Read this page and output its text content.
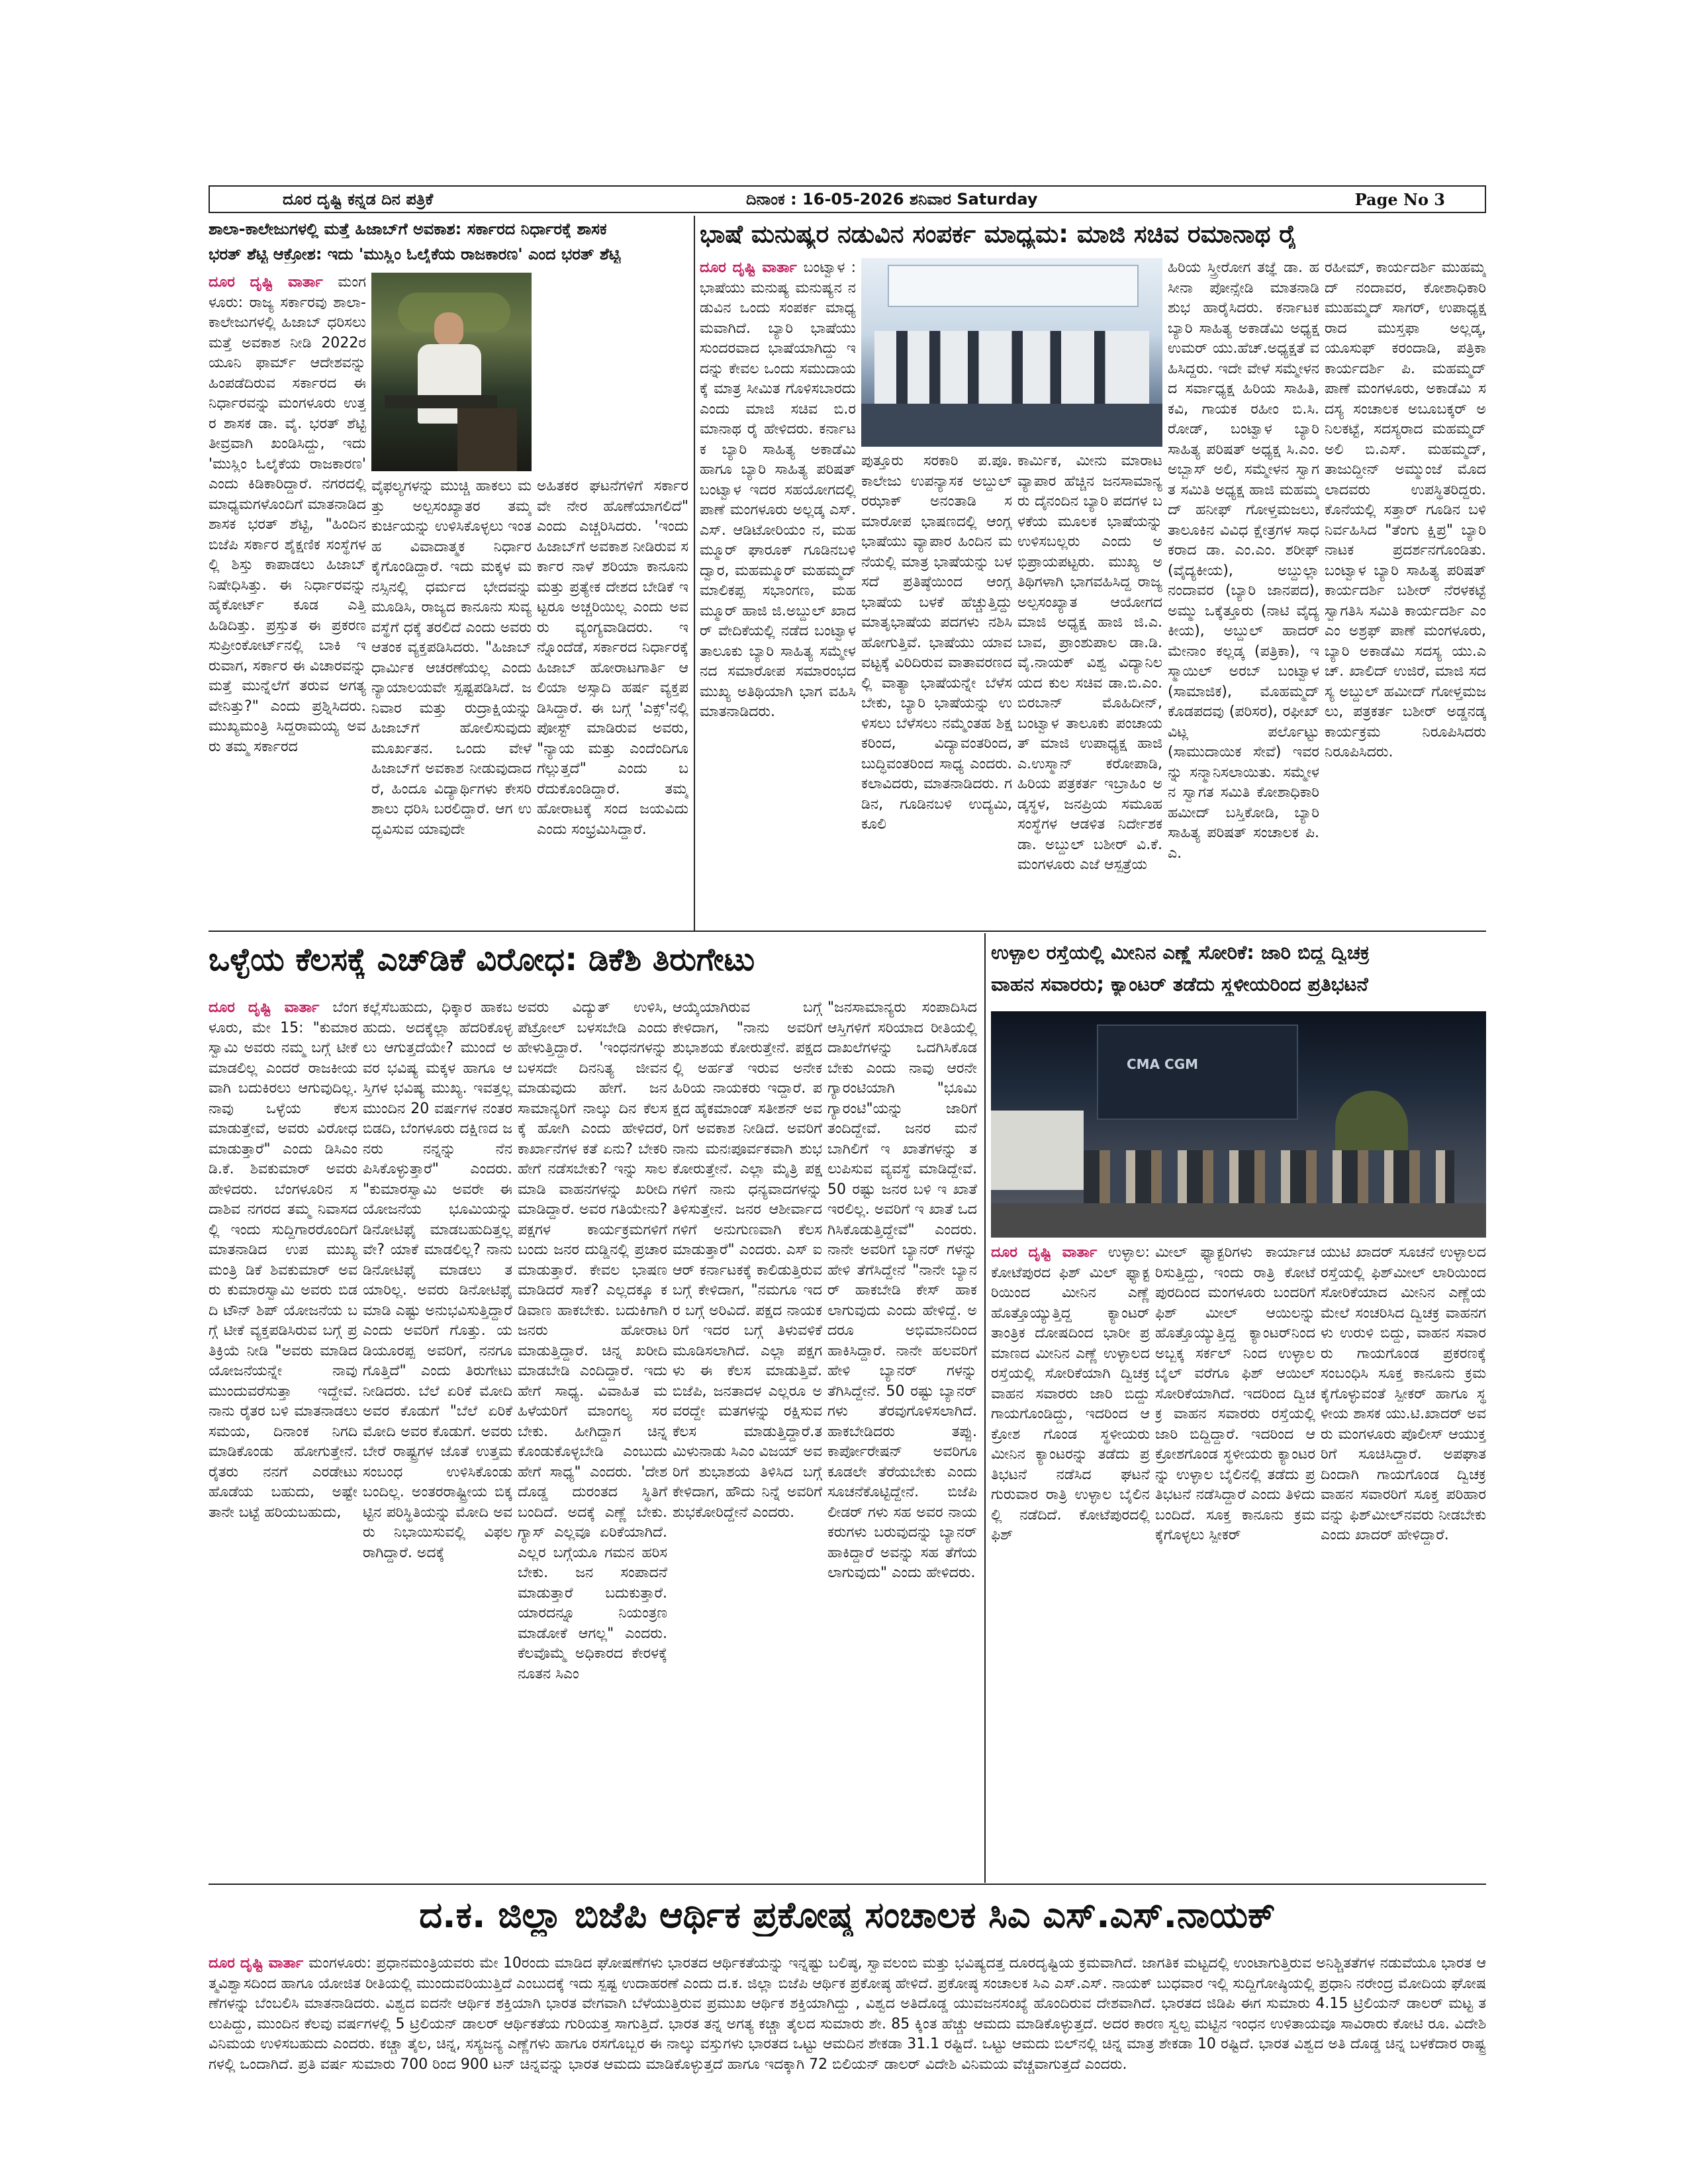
ದೂರ ದೃಷ್ಟಿ ಕನ್ನಡ ದಿನ ಪತ್ರಿಕೆ	ದಿನಾಂಕ : 16-05-2026 ಶನಿವಾರ Saturday	Page No 3
ಶಾಲಾ-ಕಾಲೇಜುಗಳಲ್ಲಿ ಮತ್ತೆ ಹಿಜಾಬ್‌ಗೆ ಅವಕಾಶ: ಸರ್ಕಾರದ ನಿರ್ಧಾರಕ್ಕೆ ಶಾಸಕ
ಭರತ್ ಶೆಟ್ಟಿ ಆಕ್ರೋಶ: ಇದು 'ಮುಸ್ಲಿಂ ಓಲೈಕೆಯ ರಾಜಕಾರಣ' ಎಂದ ಭರತ್ ಶೆಟ್ಟಿ
ದೂರ ದೃಷ್ಟಿ ವಾರ್ತಾ ಮಂಗಳೂರು: ರಾಜ್ಯ ಸರ್ಕಾರವು ಶಾಲಾ-ಕಾಲೇಜುಗಳಲ್ಲಿ ಹಿಜಾಬ್ ಧರಿಸಲು ಮತ್ತೆ ಅವಕಾಶ ನೀಡಿ 2022ರ ಯೂನಿ ಫಾರ್ಮ್ ಆದೇಶವನ್ನು ಹಿಂಪಡೆದಿರುವ ಸರ್ಕಾರದ ಈ ನಿರ್ಧಾರವನ್ನು ಮಂಗಳೂರು ಉತ್ತರ ಶಾಸಕ ಡಾ. ವೈ. ಭರತ್ ಶೆಟ್ಟಿ ತೀವ್ರವಾಗಿ ಖಂಡಿಸಿದ್ದು, ಇದು 'ಮುಸ್ಲಿಂ ಓಲೈಕೆಯ ರಾಜಕಾರಣ' ಎಂದು ಕಿಡಿಕಾರಿದ್ದಾರೆ. ನಗರದಲ್ಲಿ ಮಾಧ್ಯಮಗಳೊಂದಿಗೆ ಮಾತನಾಡಿದ ಶಾಸಕ ಭರತ್ ಶೆಟ್ಟಿ, "ಹಿಂದಿನ ಬಿಜೆಪಿ ಸರ್ಕಾರ ಶೈಕ್ಷಣಿಕ ಸಂಸ್ಥೆಗಳಲ್ಲಿ ಶಿಸ್ತು ಕಾಪಾಡಲು ಹಿಜಾಬ್ ನಿಷೇಧಿಸಿತ್ತು. ಈ ನಿರ್ಧಾರವನ್ನು ಹೈಕೋರ್ಟ್ ಕೂಡ ಎತ್ತಿ ಹಿಡಿದಿತ್ತು. ಪ್ರಸ್ತುತ ಈ ಪ್ರಕರಣ ಸುಪ್ರೀಂಕೋರ್ಟ್‌ನಲ್ಲಿ ಬಾಕಿ ಇರುವಾಗ, ಸರ್ಕಾರ ಈ ವಿಚಾರವನ್ನು ಮತ್ತೆ ಮುನ್ನೆಲೆಗೆ ತರುವ ಅಗತ್ಯವೇನಿತ್ತು?" ಎಂದು ಪ್ರಶ್ನಿಸಿದರು. ಮುಖ್ಯಮಂತ್ರಿ ಸಿದ್ದರಾಮಯ್ಯ ಅವರು ತಮ್ಮ ಸರ್ಕಾರದ
ವೈಫಲ್ಯಗಳನ್ನು ಮುಚ್ಚಿ ಹಾಕಲು ಮತ್ತು ಅಲ್ಪಸಂಖ್ಯಾತರ ತಮ್ಮ ಕುರ್ಚಿಯನ್ನು ಉಳಿಸಿಕೊಳ್ಳಲು ಇಂತಹ ವಿವಾದಾತ್ಮಕ ನಿರ್ಧಾರ ಕೈಗೊಂಡಿದ್ದಾರೆ. ಇದು ಮಕ್ಕಳ ಮನಸ್ಸಿನಲ್ಲಿ ಧರ್ಮದ ಭೇದವನ್ನು ಮೂಡಿಸಿ, ರಾಜ್ಯದ ಕಾನೂನು ಸುವ್ಯವಸ್ಥೆಗೆ ಧಕ್ಕೆ ತರಲಿದೆ ಎಂದು ಅವರು ಆತಂಕ ವ್ಯಕ್ತಪಡಿಸಿದರು. "ಹಿಜಾಬ್ ಧಾರ್ಮಿಕ ಆಚರಣೆಯಲ್ಲ ಎಂದು ನ್ಯಾಯಾಲಯವೇ ಸ್ಪಷ್ಟಪಡಿಸಿದೆ. ಜನಿವಾರ ಮತ್ತು ರುದ್ರಾಕ್ಷಿಯನ್ನು ಹಿಜಾಬ್‌ಗೆ ಹೋಲಿಸುವುದು ಮೂರ್ಖತನ. ಒಂದು ವೇಳೆ ಹಿಜಾಬ್‌ಗೆ ಅವಕಾಶ ನೀಡುವುದಾದರೆ, ಹಿಂದೂ ವಿದ್ಯಾರ್ಥಿಗಳು ಕೇಸರಿ ಶಾಲು ಧರಿಸಿ ಬರಲಿದ್ದಾರೆ. ಆಗ ಉದ್ಭವಿಸುವ ಯಾವುದೇ
ಅಹಿತಕರ ಘಟನೆಗಳಿಗೆ ಸರ್ಕಾರವೇ ನೇರ ಹೊಣೆಯಾಗಲಿದೆ" ಎಂದು ಎಚ್ಚರಿಸಿದರು. 'ಇಂದು ಹಿಜಾಬ್‌ಗೆ ಅವಕಾಶ ನೀಡಿರುವ ಸರ್ಕಾರ ನಾಳೆ ಶರಿಯಾ ಕಾನೂನು ಮತ್ತು ಪ್ರತ್ಯೇಕ ದೇಶದ ಬೇಡಿಕೆ ಇಟ್ಟರೂ ಅಚ್ಚರಿಯಿಲ್ಲ ಎಂದು ಅವರು ವ್ಯಂಗ್ಯವಾಡಿದರು. ಇನ್ನೊಂದೆಡೆ, ಸರ್ಕಾರದ ನಿರ್ಧಾರಕ್ಕೆ ಹಿಜಾಬ್ ಹೋರಾಟಗಾರ್ತಿ ಆಲಿಯಾ ಅಸ್ಸಾದಿ ಹರ್ಷ ವ್ಯಕ್ತಪಡಿಸಿದ್ದಾರೆ. ಈ ಬಗ್ಗೆ 'ಎಕ್ಸ್'ನಲ್ಲಿ ಪೋಸ್ಟ್ ಮಾಡಿರುವ ಅವರು, "ನ್ಯಾಯ ಮತ್ತು ಎಂದೆಂದಿಗೂ ಗೆಲ್ಲುತ್ತದೆ" ಎಂದು ಬರೆದುಕೊಂಡಿದ್ದಾರೆ. ತಮ್ಮ ಹೋರಾಟಕ್ಕೆ ಸಂದ ಜಯವಿದು ಎಂದು ಸಂಭ್ರಮಿಸಿದ್ದಾರೆ.
ಭಾಷೆ ಮನುಷ್ಯರ ನಡುವಿನ ಸಂಪರ್ಕ ಮಾಧ್ಯಮ: ಮಾಜಿ ಸಚಿವ ರಮಾನಾಥ ರೈ
ದೂರ ದೃಷ್ಟಿ ವಾರ್ತಾ ಬಂಟ್ವಾಳ : ಭಾಷೆಯು ಮನುಷ್ಯ ಮನುಷ್ಯನ ನಡುವಿನ ಒಂದು ಸಂಪರ್ಕ ಮಾಧ್ಯಮವಾಗಿದೆ. ಬ್ಯಾರಿ ಭಾಷೆಯು ಸುಂದರವಾದ ಭಾಷೆಯಾಗಿದ್ದು ಇದನ್ನು ಕೇವಲ ಒಂದು ಸಮುದಾಯಕ್ಕೆ ಮಾತ್ರ ಸೀಮಿತ ಗೊಳಿಸಬಾರದು ಎಂದು ಮಾಜಿ ಸಚಿವ ಬಿ.ರಮಾನಾಥ ರೈ ಹೇಳಿದರು. ಕರ್ನಾಟಕ ಬ್ಯಾರಿ ಸಾಹಿತ್ಯ ಅಕಾಡೆಮಿ ಹಾಗೂ ಬ್ಯಾರಿ ಸಾಹಿತ್ಯ ಪರಿಷತ್ ಬಂಟ್ವಾಳ ಇದರ ಸಹಯೋಗದಲ್ಲಿ ಪಾಣೆ ಮಂಗಳೂರು ಅಲ್ಲಡ್ಕ ಎಸ್.ಎಸ್. ಆಡಿಟೋರಿಯಂ ನ, ಮಹಮ್ಮೂರ್ ಘಾರೂಕ್ ಗೂಡಿನಬಳಿ ದ್ವಾರ, ಮಹಮ್ಮೂರ್ ಮಹಮ್ಮದ್ ಮಾಲಿಕಪ್ಪ ಸಭಾಂಗಣ, ಮಹಮ್ಮೂರ್ ಹಾಜಿ ಜಿ.ಅಬ್ದುಲ್ ಖಾದರ್ ವೇದಿಕೆಯಲ್ಲಿ ನಡೆದ ಬಂಟ್ವಾಳ ತಾಲೂಕು ಬ್ಯಾರಿ ಸಾಹಿತ್ಯ ಸಮ್ಮೇಳನದ ಸಮಾರೋಪ ಸಮಾರಂಭದ ಮುಖ್ಯ ಅತಿಥಿಯಾಗಿ ಭಾಗ ವಹಿಸಿ ಮಾತನಾಡಿದರು.
ಪುತ್ತೂರು ಸರಕಾರಿ ಪ.ಪೂ. ಕಾಲೇಜು ಉಪನ್ಯಾಸಕ ಅಬ್ದುಲ್ ರಝಾಕ್ ಅನಂತಾಡಿ ಸಮಾರೋಪ ಭಾಷಣದಲ್ಲಿ ಆಂಗ್ಲ ಭಾಷೆಯು ವ್ಯಾಪಾರ ಹಿಂದಿನ ಮನೆಯಲ್ಲಿ ಮಾತ್ರ ಭಾಷೆಯನ್ನು ಬಳಸದೆ ಪ್ರತಿಷ್ಠೆಯಿಂದ ಆಂಗ್ಲಭಾಷೆಯ ಬಳಕೆ ಹೆಚ್ಚುತ್ತಿದ್ದು ಮಾತೃಭಾಷೆಯ ಪದಗಳು ನಶಿಸಿ ಹೋಗುತ್ತಿವೆ. ಭಾಷೆಯು ಯಾವ ವಟ್ಟಕ್ಕೆ ವಿರಿದಿರುವ ವಾತಾವರಣದಲ್ಲಿ ವಾತ್ಯಾ ಭಾಷೆಯನ್ನೇ ಬೆಳೆಸಬೇಕು, ಬ್ಯಾರಿ ಭಾಷೆಯನ್ನು ಉಳಿಸಲು ಬೆಳೆಸಲು ನಮ್ಮೆಂತಹ ಶಿಕ್ಷಕರಿಂದ, ವಿದ್ಯಾವಂತರಿಂದ, ಬುದ್ಧಿವಂತರಿಂದ ಸಾಧ್ಯ ಎಂದರು. ಕಲಾವಿದರು, ಮಾತನಾಡಿದರು. ಗಡಿನ, ಗೂಡಿನಬಳಿ ಉದ್ಯಮಿ, ಕೂಲಿ
ಕಾರ್ಮಿಕ, ಮೀನು ಮಾರಾಟ ವ್ಯಾಪಾರ ಹೆಚ್ಚಿನ ಜನಸಾಮಾನ್ಯರು ದೈನಂದಿನ ಬ್ಯಾರಿ ಪದಗಳ ಬಳಕೆಯ ಮೂಲಕ ಭಾಷೆಯನ್ನು ಉಳಿಸಬಲ್ಲರು ಎಂದು ಅಭಿಪ್ರಾಯಪಟ್ಟರು. ಮುಖ್ಯ ಅತಿಥಿಗಳಾಗಿ ಭಾಗವಹಿಸಿದ್ದ ರಾಜ್ಯ ಅಲ್ಪಸಂಖ್ಯಾತ ಆಯೋಗದ ಮಾಜಿ ಅಧ್ಯಕ್ಷ ಹಾಜಿ ಜಿ.ಎ.ಬಾವ, ಪ್ರಾಂಶುಪಾಲ ಡಾ.ಡಿ.ವೈ.ನಾಯಕ್ ವಿಶ್ವ ವಿದ್ಯಾನಿಲಯದ ಕುಲ ಸಚಿವ ಡಾ.ಬಿ.ಎಂ.ಬಿರಬಾನ್ ಮೊಹಿದೀನ್, ಬಂಟ್ವಾಳ ತಾಲೂಕು ಪಂಚಾಯತ್ ಮಾಜಿ ಉಪಾಧ್ಯಕ್ಷ ಹಾಜಿ ಎ.ಉಸ್ಮಾನ್ ಕರೋಪಾಡಿ, ಹಿರಿಯ ಪತ್ರಕರ್ತ ಇಬ್ರಾಹಿಂ ಅಡ್ಕಸ್ಥಳ, ಜನಪ್ರಿಯ ಸಮೂಹ ಸಂಸ್ಥೆಗಳ ಆಡಳಿತ ನಿರ್ದೇಶಕ ಡಾ. ಅಬ್ದುಲ್ ಬಶೀರ್ ವಿ.ಕೆ. ಮಂಗಳೂರು ಎಜೆ ಆಸ್ಪತ್ರೆಯ
ಹಿರಿಯ ಸ್ತ್ರೀರೋಗ ತಜ್ಞೆ ಡಾ. ಹಸೀನಾ ಪೋನ್ಸೇಡಿ ಮಾತನಾಡಿ ಶುಭ ಹಾರೈಸಿದರು. ಕರ್ನಾಟಕ ಬ್ಯಾರಿ ಸಾಹಿತ್ಯ ಅಕಾಡೆಮಿ ಅಧ್ಯಕ್ಷ ಉಮರ್ ಯು.ಹೆಚ್.ಅಧ್ಯಕ್ಷತೆ ವಹಿಸಿದ್ದರು. ಇದೇ ವೇಳೆ ಸಮ್ಮೇಳನದ ಸರ್ವಾಧ್ಯಕ್ಷ ಹಿರಿಯ ಸಾಹಿತಿ, ಕವಿ, ಗಾಯಕ ರಹೀಂ ಬಿ.ಸಿ.ರೋಡ್, ಬಂಟ್ವಾಳ ಬ್ಯಾರಿ ಸಾಹಿತ್ಯ ಪರಿಷತ್ ಅಧ್ಯಕ್ಷ ಸಿ.ಎಂ.ಅಬ್ಬಾಸ್ ಅಲಿ, ಸಮ್ಮೇಳನ ಸ್ವಾಗತ ಸಮಿತಿ ಅಧ್ಯಕ್ಷ ಹಾಜಿ ಮಹಮ್ಮದ್ ಹನೀಫ್ ಗೋಳ್ತಮಜಲು, ತಾಲೂಕಿನ ವಿವಿಧ ಕ್ಷೇತ್ರಗಳ ಸಾಧಕರಾದ ಡಾ. ಎಂ.ಎಂ. ಶರೀಫ್ (ವೈದ್ಯಕೀಯ), ಅಬ್ದುಲ್ಲಾ ನಂದಾವರ (ಬ್ಯಾರಿ ಜಾನಪದ), ಅಮ್ಮು ಒಕ್ಕೆತ್ತೂರು (ನಾಟಿ ವೈದ್ಯಕೀಯ), ಅಬ್ದುಲ್ ಹಾದರ್ ಮೇನಾಂ ಕಲ್ಲಡ್ಕ (ಪತ್ರಿಕಾ), ಇಸ್ಮಾಯಿಲ್ ಅರಬ್ ಬಂಟ್ವಾಳ (ಸಾಮಾಜಿಕ), ಮೊಹಮ್ಮದ್ ಕೊಡಪದವು (ಪರಿಸರ), ರಫೀಖ್ ವಿಟ್ಲ ಪರ್ಲೊಟ್ಟು (ಸಾಮುದಾಯಿಕ ಸೇವೆ) ಇವರನ್ನು ಸನ್ಮಾನಿಸಲಾಯಿತು. ಸಮ್ಮೇಳನ ಸ್ವಾಗತ ಸಮಿತಿ ಕೋಶಾಧಿಕಾರಿ ಹಮೀದ್ ಬಸ್ತಿಕೋಡಿ, ಬ್ಯಾರಿ ಸಾಹಿತ್ಯ ಪರಿಷತ್ ಸಂಚಾಲಕ ಪಿ.ಎ.
ರಹೀಮ್, ಕಾರ್ಯದರ್ಶಿ ಮುಹಮ್ಮದ್ ನಂದಾವರ, ಕೋಶಾಧಿಕಾರಿ ಮುಹಮ್ಮದ್ ಸಾಗರ್, ಉಪಾಧ್ಯಕ್ಷರಾದ ಮುಸ್ತಫಾ ಅಲ್ಲಡ್ಕ, ಯೂಸುಫ್ ಕರಂದಾಡಿ, ಪತ್ರಿಕಾ ಕಾರ್ಯದರ್ಶಿ ಪಿ. ಮಹಮ್ಮದ್ ಪಾಣೆ ಮಂಗಳೂರು, ಅಕಾಡೆಮಿ ಸದಸ್ಯ ಸಂಚಾಲಕ ಅಬೂಬಕ್ಕರ್ ಅನಿಲಕಟ್ಟೆ, ಸದಸ್ಯರಾದ ಮಹಮ್ಮದ್ ಅಲಿ ಬಿ.ಎಸ್. ಮಹಮ್ಮದ್, ತಾಜುದ್ದೀನ್ ಅಮ್ಮುಂಜೆ ಮೊದಲಾದವರು ಉಪಸ್ಥಿತರಿದ್ದರು. ಕೊನೆಯಲ್ಲಿ ಸತ್ತಾರ್ ಗೂಡಿನ ಬಳಿ ನಿರ್ವಹಿಸಿದ "ತೆಂಗು ಕ್ಷಿಪ್ರ" ಬ್ಯಾರಿ ನಾಟಕ ಪ್ರದರ್ಶನಗೊಂಡಿತು. ಬಂಟ್ವಾಳ ಬ್ಯಾರಿ ಸಾಹಿತ್ಯ ಪರಿಷತ್ ಕಾರ್ಯದರ್ಶಿ ಬಶೀರ್ ನೆರಳಕಟ್ಟೆ ಸ್ವಾಗತಿಸಿ ಸಮಿತಿ ಕಾರ್ಯದರ್ಶಿ ಎಂ ಎಂ ಅಶ್ರಫ್ ಪಾಣೆ ಮಂಗಳೂರು, ಬ್ಯಾರಿ ಅಕಾಡೆಮಿ ಸದಸ್ಯ ಯು.ಎಚ್. ಖಾಲಿದ್ ಉಜಿರೆ, ಮಾಜಿ ಸದಸ್ಯ ಅಬ್ದುಲ್ ಹಮೀದ್ ಗೋಳ್ತಮಜಲು, ಪತ್ರಕರ್ತ ಬಶೀರ್ ಅಡ್ಡನಡ್ಕ ಕಾರ್ಯಕ್ರಮ ನಿರೂಪಿಸಿದರು ನಿರೂಪಿಸಿದರು.
ಒಳ್ಳೆಯ ಕೆಲಸಕ್ಕೆ ಎಚ್‌ಡಿಕೆ ವಿರೋಧ: ಡಿಕೆಶಿ ತಿರುಗೇಟು
ದೂರ ದೃಷ್ಟಿ ವಾರ್ತಾ ಬೆಂಗಳೂರು, ಮೇ 15: "ಕುಮಾರಸ್ವಾಮಿ ಅವರು ನಮ್ಮ ಬಗ್ಗೆ ಟೀಕೆ ಮಾಡಲಿಲ್ಲ ಎಂದರೆ ರಾಜಕೀಯವಾಗಿ ಬದುಕಿರಲು ಆಗುವುದಿಲ್ಲ. ನಾವು ಒಳ್ಳೆಯ ಕೆಲಸ ಮಾಡುತ್ತೇವೆ, ಅವರು ವಿರೋಧ ಮಾಡುತ್ತಾರೆ" ಎಂದು ಡಿಸಿಎಂ ಡಿ.ಕೆ. ಶಿವಕುಮಾರ್ ಅವರು ಹೇಳಿದರು. ಬೆಂಗಳೂರಿನ ಸದಾಶಿವ ನಗರದ ತಮ್ಮ ನಿವಾಸದಲ್ಲಿ ಇಂದು ಸುದ್ದಿಗಾರರೊಂದಿಗೆ ಮಾತನಾಡಿದ ಉಪ ಮುಖ್ಯಮಂತ್ರಿ ಡಿಕೆ ಶಿವಕುಮಾರ್ ಅವರು ಕುಮಾರಸ್ವಾಮಿ ಅವರು ಬಿಡದಿ ಟೌನ್ ಶಿಪ್ ಯೋಜನೆಯ ಬಗ್ಗೆ ಟೀಕೆ ವ್ಯಕ್ತಪಡಿಸಿರುವ ಬಗ್ಗೆ ಪ್ರತಿಕ್ರಿಯೆ ನೀಡಿ "ಅವರು ಮಾಡಿದ ಯೋಜನೆಯನ್ನೇ ನಾವು ಮುಂದುವರೆಸುತ್ತಾ ಇದ್ದೇವೆ. ನಾನು ರೈತರ ಬಳಿ ಮಾತನಾಡಲು ಸಮಯ, ದಿನಾಂಕ ನಿಗದಿ ಮಾಡಿಕೊಂಡು ಹೋಗುತ್ತೇನೆ. ರೈತರು ನನಗೆ ಎರಡೇಟು ಹೊಡೆಯ ಬಹುದು, ಅಷ್ಟೇ ತಾನೇ ಬಟ್ಟೆ ಹರಿಯಬಹುದು,
ಕಲ್ಲೆಸೆಬಹುದು, ಧಿಕ್ಕಾರ ಹಾಕಬಹುದು. ಅದಕ್ಕೆಲ್ಲಾ ಹೆದರಿಕೊಳ್ಳಲು ಆಗುತ್ತದೆಯೇ? ಮುಂದೆ ಅವರ ಭವಿಷ್ಯ ಮಕ್ಕಳ ಹಾಗೂ ಆಸ್ತಿಗಳ ಭವಿಷ್ಯ ಮುಖ್ಯ. ಇವತ್ತಲ್ಲ ಮುಂದಿನ 20 ವರ್ಷಗಳ ನಂತರ ಬಿಡದಿ, ಬೆಂಗಳೂರು ದಕ್ಷಿಣದ ಜನರು ನನ್ನನ್ನು ನೆನಪಿಸಿಕೊಳ್ಳುತ್ತಾರೆ" ಎಂದರು. "ಕುಮಾರಸ್ವಾಮಿ ಅವರೇ ಈ ಯೋಜನೆಯ ಭೂಮಿಯನ್ನು ಡಿನೋಟಿಫೈ ಮಾಡಬಹುದಿತ್ತಲ್ಲವೇ? ಯಾಕೆ ಮಾಡಲಿಲ್ಲ? ನಾನು ಡಿನೋಟಿಫೈ ಮಾಡಲು ತಯಾರಿಲ್ಲ. ಅವರು ಡಿನೋಟಿಫೈ ಮಾಡಿ ಎಷ್ಟು ಅನುಭವಿಸುತ್ತಿದ್ದಾರೆ ಎಂದು ಅವರಿಗೆ ಗೊತ್ತು. ಯಡಿಯೂರಪ್ಪ ಅವರಿಗೆ, ನನಗೂ ಗೊತ್ತಿದೆ" ಎಂದು ತಿರುಗೇಟು ನೀಡಿದರು. ಬೆಲೆ ಏರಿಕೆ ಮೋದಿ ಅವರ ಕೊಡುಗೆ "ಬೆಲೆ ಏರಿಕೆ ಮೋದಿ ಅವರ ಕೊಡುಗೆ. ಅವರು ಬೇರೆ ರಾಷ್ಟ್ರಗಳ ಜೊತೆ ಉತ್ತಮ ಸಂಬಂಧ ಉಳಿಸಿಕೊಂಡು ಬಂದಿಲ್ಲ. ಅಂತರರಾಷ್ಟ್ರೀಯ ಬಿಕ್ಕಟ್ಟಿನ ಪರಿಸ್ಥಿತಿಯನ್ನು ಮೋದಿ ಅವರು ನಿಭಾಯಿಸುವಲ್ಲಿ ವಿಫಲರಾಗಿದ್ದಾರೆ. ಅದಕ್ಕೆ
ಅವರು ವಿದ್ಯುತ್ ಉಳಿಸಿ, ಪೆಟ್ರೋಲ್ ಬಳಸಬೇಡಿ ಎಂದು ಹೇಳುತ್ತಿದ್ದಾರೆ. 'ಇಂಧನಗಳನ್ನು ಬಳಸದೇ ದಿನನಿತ್ಯ ಜೀವನ ಮಾಡುವುದು ಹೇಗೆ. ಜನಸಾಮಾನ್ಯರಿಗೆ ನಾಲ್ಕು ದಿನ ಕೆಲಸಕ್ಕೆ ಹೋಗಿ ಎಂದು ಹೇಳಿದರೆ, ಕಾರ್ಖಾನೆಗಳ ಕತೆ ಏನು? ಬೇಕರಿ ಹೇಗೆ ನಡೆಸಬೇಕು? ಇನ್ನು ಸಾಲ ಮಾಡಿ ವಾಹನಗಳನ್ನು ಖರೀದಿ ಮಾಡಿದ್ದಾರೆ. ಅವರ ಗತಿಯೇನು? ಪಕ್ಷಗಳ ಕಾರ್ಯಕ್ರಮಗಳಿಗೆ ಬಂದು ಜನರ ದುಡ್ಡಿನಲ್ಲಿ ಪ್ರಚಾರ ಮಾಡುತ್ತಾರೆ. ಕೇವಲ ಭಾಷಣ ಮಾಡಿದರೆ ಸಾಕೆ? ಎಲ್ಲದಕ್ಕೂ ಕಡಿವಾಣ ಹಾಕಬೇಕು. ಬದುಕಿಗಾಗಿ ಜನರು ಹೋರಾಟ ಮಾಡುತ್ತಿದ್ದಾರೆ. ಚಿನ್ನ ಖರೀದಿ ಮಾಡಬೇಡಿ ಎಂದಿದ್ದಾರೆ. ಇದು ಹೇಗೆ ಸಾಧ್ಯ. ವಿವಾಹಿತ ಮಹಿಳೆಯರಿಗೆ ಮಾಂಗಲ್ಯ ಸರ ಬೇಕು. ಹೀಗಿದ್ದಾಗ ಚಿನ್ನ ಕೊಂಡುಕೊಳ್ಳಬೇಡಿ ಎಂಬುದು ಹೇಗೆ ಸಾಧ್ಯ" ಎಂದರು. 'ದೇಶ ದೊಡ್ಡ ದುರಂತದ ಸ್ಥಿತಿಗೆ ಬಂದಿದೆ. ಅದಕ್ಕೆ ಎಣ್ಣೆ ಬೇಕು. ಗ್ಯಾಸ್ ಎಲ್ಲವೂ ಏರಿಕೆಯಾಗಿದೆ. ಎಲ್ಲರ ಬಗ್ಗೆಯೂ ಗಮನ ಹರಿಸಬೇಕು. ಜನ ಸಂಪಾದನೆ ಮಾಡುತ್ತಾರೆ ಬದುಕುತ್ತಾರೆ. ಯಾರದನ್ನೂ ನಿಯಂತ್ರಣ ಮಾಡೋಕೆ ಆಗಲ್ಲ" ಎಂದರು. ಕೆಲವೊಮ್ಮೆ ಅಧಿಕಾರದ ಕೇರಳಕ್ಕೆ ನೂತನ ಸಿಎಂ
ಆಯ್ಕೆಯಾಗಿರುವ ಬಗ್ಗೆ ಕೇಳಿದಾಗ, "ನಾನು ಅವರಿಗೆ ಶುಭಾಶಯ ಕೋರುತ್ತೇನೆ. ಪಕ್ಷದಲ್ಲಿ ಅರ್ಹತೆ ಇರುವ ಅನೇಕ ಹಿರಿಯ ನಾಯಕರು ಇದ್ದಾರೆ. ಪಕ್ಷದ ಹೈಕಮಾಂಡ್ ಸತೀಶನ್ ಅವರಿಗೆ ಅವಕಾಶ ನೀಡಿದೆ. ಅವರಿಗೆ ನಾನು ಮನಃಪೂರ್ವಕವಾಗಿ ಶುಭ ಕೋರುತ್ತೇನೆ. ಎಲ್ಲಾ ಮೈತ್ರಿ ಪಕ್ಷಗಳಿಗೆ ನಾನು ಧನ್ಯವಾದಗಳನ್ನು ತಿಳಿಸುತ್ತೇನೆ. ಜನರ ಆಶೀರ್ವಾದಗಳಿಗೆ ಅನುಗುಣವಾಗಿ ಕೆಲಸ ಮಾಡುತ್ತಾರೆ" ಎಂದರು. ಎಸ್ ಐ ಆರ್ ಕರ್ನಾಟಕಕ್ಕೆ ಕಾಲಿಡುತ್ತಿರುವ ಬಗ್ಗೆ ಕೇಳಿದಾಗ, "ನಮಗೂ ಇದರ ಬಗ್ಗೆ ಅರಿವಿದೆ. ಪಕ್ಷದ ನಾಯಕರಿಗೆ ಇದರ ಬಗ್ಗೆ ತಿಳುವಳಿಕೆ ಮೂಡಿಸಲಾಗಿದೆ. ಎಲ್ಲಾ ಪಕ್ಷಗಳು ಈ ಕೆಲಸ ಮಾಡುತ್ತಿವೆ. ಬಿಜೆಪಿ, ಜನತಾದಳ ಎಲ್ಲರೂ ಅವರದ್ದೇ ಮತಗಳನ್ನು ರಕ್ಷಿಸುವ ಕೆಲಸ ಮಾಡುತ್ತಿದ್ದಾರೆ.ತಮಿಳುನಾಡು ಸಿಎಂ ವಿಜಯ್ ಅವರಿಗೆ ಶುಭಾಶಯ ತಿಳಿಸಿದ ಬಗ್ಗೆ ಕೇಳಿದಾಗ, ಹೌದು ನಿನ್ನೆ ಅವರಿಗೆ ಶುಭಕೋರಿದ್ದೇನೆ ಎಂದರು.
"ಜನಸಾಮಾನ್ಯರು ಸಂಪಾದಿಸಿದ ಆಸ್ತಿಗಳಿಗೆ ಸರಿಯಾದ ರೀತಿಯಲ್ಲಿ ದಾಖಲೆಗಳನ್ನು ಒದಗಿಸಿಕೊಡಬೇಕು ಎಂದು ನಾವು ಆರನೇ ಗ್ಯಾರಂಟಿಯಾಗಿ "ಭೂಮಿ ಗ್ಯಾರಂಟಿ"ಯನ್ನು ಜಾರಿಗೆ ತಂದಿದ್ದೇವೆ. ಜನರ ಮನೆ ಬಾಗಿಲಿಗೆ ಇ ಖಾತೆಗಳನ್ನು ತಲುಪಿಸುವ ವ್ಯವಸ್ಥೆ ಮಾಡಿದ್ದೇವೆ. 50 ರಷ್ಟು ಜನರ ಬಳಿ ಇ ಖಾತೆ ಇರಲಿಲ್ಲ. ಅವರಿಗೆ ಇ ಖಾತೆ ಒದಗಿಸಿಕೊಡುತ್ತಿದ್ದೇವೆ" ಎಂದರು. ನಾನೇ ಅವರಿಗೆ ಬ್ಯಾನರ್ ಗಳನ್ನು ಹೇಳಿ ತೆಗೆಸಿದ್ದೇನೆ "ನಾನೇ ಬ್ಯಾನರ್ ಹಾಕಬೇಡಿ ಕೇಸ್ ಹಾಕಲಾಗುವುದು ಎಂದು ಹೇಳಿದ್ದೆ. ಅದರೂ ಅಭಿಮಾನದಿಂದ ಹಾಕಿಸಿದ್ದಾರೆ. ನಾನೇ ಹಲವರಿಗೆ ಹೇಳಿ ಬ್ಯಾನರ್ ಗಳನ್ನು ತೆಗಿಸಿದ್ದೇನೆ. 50 ರಷ್ಟು ಬ್ಯಾನರ್ ಗಳು ತೆರವುಗೊಳಿಸಲಾಗಿದೆ. ಹಾಕಬೇಡಿದರು ತಪ್ಪು. ಕಾರ್ಪೋರೇಷನ್ ಅವರಿಗೂ ಕೂಡಲೇ ತೆರೆಯಬೇಕು ಎಂದು ಸೂಚನೆಕೊಟ್ಟಿದ್ದೇನೆ. ಬಿಜೆಪಿ ಲೀಡರ್ ಗಳು ಸಹ ಅವರ ನಾಯಕರುಗಳು ಬರುವುದನ್ನು ಬ್ಯಾನರ್ ಹಾಕಿದ್ದಾರೆ ಅವನ್ನು ಸಹ ತೆಗೆಯಲಾಗುವುದು" ಎಂದು ಹೇಳಿದರು.
ಉಳ್ಳಾಲ ರಸ್ತೆಯಲ್ಲಿ ಮೀನಿನ ಎಣ್ಣೆ ಸೋರಿಕೆ: ಜಾರಿ ಬಿದ್ದ ದ್ವಿಚಕ್ರ
ವಾಹನ ಸವಾರರು; ಕ್ಯಾಂಟರ್ ತಡೆದು ಸ್ಥಳೀಯರಿಂದ ಪ್ರತಿಭಟನೆ
CMA CGM
ದೂರ ದೃಷ್ಟಿ ವಾರ್ತಾ ಉಳ್ಳಾಲ: ಕೋಟೆಪುರದ ಫಿಶ್ ಮಿಲ್ ಫ್ಯಾಕ್ಟರಿಯಿಂದ ಮೀನಿನ ಎಣ್ಣೆ ಹೊತ್ತೊಯ್ಯುತ್ತಿದ್ದ ಕ್ಯಾಂಟರ್ ತಾಂತ್ರಿಕ ದೋಷದಿಂದ ಭಾರೀ ಪ್ರಮಾಣದ ಮೀನಿನ ಎಣ್ಣೆ ಉಳ್ಳಾಲದ ರಸ್ತೆಯಲ್ಲಿ ಸೋರಿಕೆಯಾಗಿ ದ್ವಿಚಕ್ರ ವಾಹನ ಸವಾರರು ಜಾರಿ ಬಿದ್ದು ಗಾಯಗೊಂಡಿದ್ದು, ಇದರಿಂದ ಆಕ್ರೋಶ ಗೊಂಡ ಸ್ಥಳೀಯರು ಮೀನಿನ ಕ್ಯಾಂಟರನ್ನು ತಡೆದು ಪ್ರತಿಭಟನೆ ನಡೆಸಿದ ಘಟನೆ ಗುರುವಾರ ರಾತ್ರಿ ಉಳ್ಳಾಲ ಬೈಲಿನಲ್ಲಿ ನಡೆದಿದೆ. ಕೋಟೆಪುರದಲ್ಲಿ ಫಿಶ್
ಮೀಲ್ ಫ್ಯಾಕ್ಟರಿಗಳು ಕಾರ್ಯಾಚರಿಸುತ್ತಿದ್ದು, ಇಂದು ರಾತ್ರಿ ಕೋಟೆ ಪುರದಿಂದ ಮಂಗಳೂರು ಬಂದರಿಗೆ ಫಿಶ್ ಮೀಲ್ ಆಯಿಲನ್ನು ಹೊತ್ತೊಯ್ಯುತ್ತಿದ್ದ ಕ್ಯಾಂಟರ್‌ನಿಂದ ಅಬ್ಬಕ್ಕ ಸರ್ಕಲ್ ನಿಂದ ಉಳ್ಳಾಲ ಬೈಲ್ ವರೆಗೂ ಫಿಶ್ ಆಯಿಲ್ ಸೋರಿಕೆಯಾಗಿದೆ. ಇದರಿಂದ ದ್ವಿಚಕ್ರ ವಾಹನ ಸವಾರರು ರಸ್ತೆಯಲ್ಲಿ ಜಾರಿ ಬಿದ್ದಿದ್ದಾರೆ. ಇದರಿಂದ ಆಕ್ರೋಶಗೊಂಡ ಸ್ಥಳೀಯರು ಕ್ಯಾಂಟರನ್ನು ಉಳ್ಳಾಲ ಬೈಲಿನಲ್ಲಿ ತಡೆದು ಪ್ರತಿಭಟನೆ ನಡೆಸಿದ್ದಾರೆ ಎಂದು ತಿಳಿದು ಬಂದಿದೆ. ಸೂಕ್ತ ಕಾನೂನು ಕ್ರಮಕ್ಕೆಗೊಳ್ಳಲು ಸ್ಪೀಕರ್
ಯುಟಿ ಖಾದರ್ ಸೂಚನೆ ಉಳ್ಳಾಲದ ರಸ್ತೆಯಲ್ಲಿ ಫಿಶ್‌ಮೀಲ್ ಲಾರಿಯಿಂದ ಸೋರಿಕೆಯಾದ ಮೀನಿನ ಎಣ್ಣೆಯ ಮೇಲೆ ಸಂಚರಿಸಿದ ದ್ವಿಚಕ್ರ ವಾಹನಗಳು ಉರುಳಿ ಬಿದ್ದು, ವಾಹನ ಸವಾರರು ಗಾಯಗೊಂಡ ಪ್ರಕರಣಕ್ಕೆ ಸಂಬಂಧಿಸಿ ಸೂಕ್ತ ಕಾನೂನು ಕ್ರಮ ಕೈಗೊಳ್ಳುವಂತೆ ಸ್ಪೀಕರ್ ಹಾಗೂ ಸ್ಥಳೀಯ ಶಾಸಕ ಯು.ಟಿ.ಖಾದರ್ ಅವರು ಮಂಗಳೂರು ಪೊಲೀಸ್ ಆಯುಕ್ತರಿಗೆ ಸೂಚಿಸಿದ್ದಾರೆ. ಅಪಘಾತದಿಂದಾಗಿ ಗಾಯಗೊಂಡ ದ್ವಿಚಕ್ರ ವಾಹನ ಸವಾರರಿಗೆ ಸೂಕ್ತ ಪರಿಹಾರವನ್ನು ಫಿಶ್‌ಮೀಲ್‌ನವರು ನೀಡಬೇಕು ಎಂದು ಖಾದರ್ ಹೇಳಿದ್ದಾರೆ.
ದ.ಕ. ಜಿಲ್ಲಾ ಬಿಜೆಪಿ ಆರ್ಥಿಕ ಪ್ರಕೋಷ್ಠ ಸಂಚಾಲಕ ಸಿಎ ಎಸ್.ಎಸ್.ನಾಯಕ್
ದೂರ ದೃಷ್ಟಿ ವಾರ್ತಾ ಮಂಗಳೂರು: ಪ್ರಧಾನಮಂತ್ರಿಯವರು ಮೇ 10ರಂದು ಮಾಡಿದ ಘೋಷಣೆಗಳು ಭಾರತದ ಆರ್ಥಿಕತೆಯನ್ನು ಇನ್ನಷ್ಟು ಬಲಿಷ್ಠ, ಸ್ವಾವಲಂಬಿ ಮತ್ತು ಭವಿಷ್ಯದತ್ತ ದೂರದೃಷ್ಟಿಯ ಕ್ರಮವಾಗಿದೆ. ಜಾಗತಿಕ ಮಟ್ಟದಲ್ಲಿ ಉಂಟಾಗುತ್ತಿರುವ ಅನಿಶ್ಚಿತತೆಗಳ ನಡುವೆಯೂ ಭಾರತ ಆತ್ಮವಿಶ್ವಾಸದಿಂದ ಹಾಗೂ ಯೋಜಿತ ರೀತಿಯಲ್ಲಿ ಮುಂದುವರಿಯುತ್ತಿದೆ ಎಂಬುದಕ್ಕೆ ಇದು ಸ್ಪಷ್ಟ ಉದಾಹರಣೆ ಎಂದು ದ.ಕ. ಜಿಲ್ಲಾ ಬಿಜೆಪಿ ಆರ್ಥಿಕ ಪ್ರಕೋಷ್ಠ ಹೇಳಿದೆ. ಪ್ರಕೋಷ್ಠ ಸಂಚಾಲಕ ಸಿಎ ಎಸ್.ಎಸ್. ನಾಯಕ್ ಬುಧವಾರ ಇಲ್ಲಿ ಸುದ್ದಿಗೋಷ್ಠಿಯಲ್ಲಿ ಪ್ರಧಾನಿ ನರೇಂದ್ರ ಮೋದಿಯ ಘೋಷಣೆಗಳನ್ನು ಬೆಂಬಲಿಸಿ ಮಾತನಾಡಿದರು. ವಿಶ್ವದ ಐದನೇ ಆರ್ಥಿಕ ಶಕ್ತಿಯಾಗಿ ಭಾರತ ವೇಗವಾಗಿ ಬೆಳೆಯುತ್ತಿರುವ ಪ್ರಮುಖ ಆರ್ಥಿಕ ಶಕ್ತಿಯಾಗಿದ್ದು , ವಿಶ್ವದ ಅತಿದೊಡ್ಡ ಯುವಜನಸಂಖ್ಯೆ ಹೊಂದಿರುವ ದೇಶವಾಗಿದೆ. ಭಾರತದ ಜಿಡಿಪಿ ಈಗ ಸುಮಾರು 4.15 ಟ್ರಿಲಿಯನ್ ಡಾಲರ್ ಮಟ್ಟ ತಲುಪಿದ್ದು, ಮುಂದಿನ ಕೆಲವು ವರ್ಷಗಳಲ್ಲಿ 5 ಟ್ರಿಲಿಯನ್ ಡಾಲರ್ ಆರ್ಥಿಕತೆಯ ಗುರಿಯತ್ತ ಸಾಗುತ್ತಿದೆ. ಭಾರತ ತನ್ನ ಅಗತ್ಯ ಕಚ್ಚಾ ತೈಲದ ಸುಮಾರು ಶೇ. 85 ಕ್ಕಿಂತ ಹೆಚ್ಚು ಆಮದು ಮಾಡಿಕೊಳ್ಳುತ್ತದೆ. ಅದರ ಕಾರಣ ಸ್ವಲ್ಪ ಮಟ್ಟಿನ ಇಂಧನ ಉಳಿತಾಯವೂ ಸಾವಿರಾರು ಕೋಟಿ ರೂ. ವಿದೇಶಿ ವಿನಿಮಯ ಉಳಿಸಬಹುದು ಎಂದರು. ಕಚ್ಚಾ ತೈಲ, ಚಿನ್ನ, ಸಸ್ಯಜನ್ಯ ಎಣ್ಣೆಗಳು ಹಾಗೂ ರಸಗೊಬ್ಬರ ಈ ನಾಲ್ಕು ವಸ್ತುಗಳು ಭಾರತದ ಒಟ್ಟು ಆಮದಿನ ಶೇಕಡಾ 31.1 ರಷ್ಟಿದೆ. ಒಟ್ಟು ಆಮದು ಬಿಲ್‌ನಲ್ಲಿ ಚಿನ್ನ ಮಾತ್ರ ಶೇಕಡಾ 10 ರಷ್ಟಿದೆ. ಭಾರತ ವಿಶ್ವದ ಅತಿ ದೊಡ್ಡ ಚಿನ್ನ ಬಳಕೆದಾರ ರಾಷ್ಟ್ರಗಳಲ್ಲಿ ಒಂದಾಗಿದೆ. ಪ್ರತಿ ವರ್ಷ ಸುಮಾರು 700 ರಿಂದ 900 ಟನ್ ಚಿನ್ನವನ್ನು ಭಾರತ ಆಮದು ಮಾಡಿಕೊಳ್ಳುತ್ತದೆ ಹಾಗೂ ಇದಕ್ಕಾಗಿ 72 ಬಿಲಿಯನ್ ಡಾಲರ್ ವಿದೇಶಿ ವಿನಿಮಯ ವೆಚ್ಚವಾಗುತ್ತದೆ ಎಂದರು.
